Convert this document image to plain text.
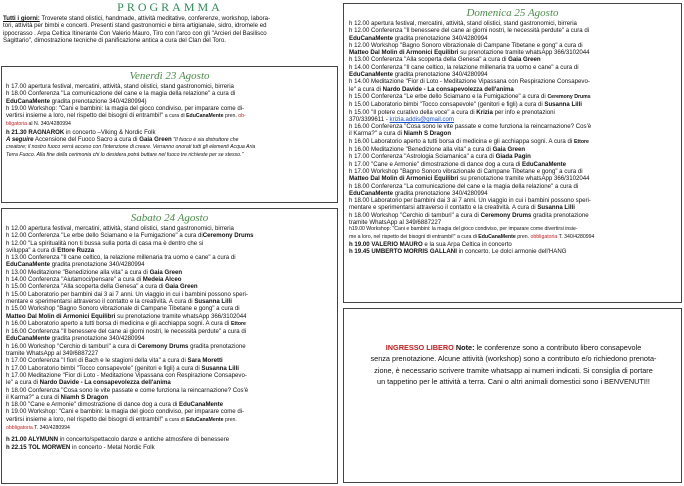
PROGRAMMA
Tutti i giorni: Troverete stand olistici, handmade, attività meditative, conferenze, workshop, labora-
tori, attività per bimbi e concerti. Presenti stand gastronomici e birra artigianale, sidro, idromele ed
ippocrasso . Arpa Celtica Itinerante Con Valerio Mauro, Tiro con l'arco con gli "Arcieri del Basilisco
Sagittario", dimostrazione tecniche di panificazione antica a cura del Clan del Toro.
Venerdì 23 Agosto
h 17.00 apertura festival, mercatini, attività, stand olistici, stand gastronomici, birreria
h 18.00 Conferenza "La comunicazione del cane e la magia della relazione" a cura di
EduCanaMente gradita prenotazione 340/4280994)
h 19.00 Workshop: "Cani e bambini: la magia del gioco condiviso, per imparare come di-
vertirsi insieme a loro, nel rispetto dei bisogni di entrambi!" a cura di EduCanaMente pren. ob-
bligatoria al N. 340/4280994
h 21.30 RAGNAROK in concerto –Viking & Nordic Folk
A seguire Accensione del Fuoco Sacro a cura di Gaia Green "Il fuoco è sia distruttore che
creatore; il nostro fuoco verrà acceso con l'intenzione di creare. Verranno onorati tutti gli elementi Acqua Aria
Terra Fuoco. Alla fine della cerimonia chi lo desidera potrà buttare nel fuoco tre richieste per se stesso."
Sabato 24 Agosto
h 12.00 apertura festival, mercatini, attività, stand olistici, stand gastronomici, birreria
h 12.00 Conferenza "Le erbe dello Sciamano e la Fumigazione" a cura diCeremony Drums
h 12.00 "La spiritualità non ti bussa sulla porta di casa ma è dentro che si
sviluppa" a cura di Ettore Ruzza
h 13.00 Conferenza "Il cane celtico, la relazione millenaria tra uomo e cane" a cura di
EduCanaMente gradita prenotazione 340/4280994
h 13.00 Meditazione "Benedizione alla vita" a cura di Gaia Green
h 14.00 Conferenza "Aiutamoci/pensare" a cura di Medeia Alceo
h 15.00 Conferenza "Alla scoperta della Genesa" a cura di Gaia Green
h 15.00 Laboratorio per bambini dai 3 ai 7 anni. Un viaggio in cui i bambini possono speri-
mentare e sperimentarsi attraverso il contatto e la creatività. A cura di Susanna Lilli
h 15.00 Workshop "Bagno Sonoro vibrazionale di Campane Tibetane e gong" a cura di
Matteo Dal Molin di Armonici Equilibri su prenotazione tramite whatsApp 366/3102044
h 16.00 Laboratorio aperto a tutti borsa di medicina e gli acchiappa sogni. A cura di Ettore
h 16.00 Conferenza "Il benessere del cane ai giorni nostri, le necessità perdute" a cura di
EduCanaMente gradita prenotazione 340/4280994
h 16.00 Workshop "Cerchio di tamburi" a cura di Ceremony Drums gradita prenotazione
tramite WhatsApp al 349/6887227
h 17.00 Conferenza "I fiori di Bach e le stagioni della vita" a cura di Sara Moretti
h 17.00 Laboratorio bimbi "Tocco consapevole" (genitori e figli) a cura di Susanna Lilli
h 17.00 Meditazione "Fior di Loto - Meditazione Vipassana con Respirazione Consapevo-
le" a cura di Nardo Davide - La consapevolezza dell'anima
h 18.00 Conferenza "Cosa sono le vite passate e come funziona la reincarnazione? Cos'è
il Karma?" a cura di Niamh S Dragon
h 18.00 "Cane e Armonie" dimostrazione di dance dog a cura di EduCanaMente
h 19.00 Workshop: "Cani e bambini: la magia del gioco condiviso, per imparare come di-
vertirsi insieme a loro, nel rispetto dei bisogni di entrambi!" a cura di EduCanaMente pren.
obbligatoria T. 340/4280994
h 21.00 ALYMUNN in concerto/spettacolo danze e antiche atmosfere di benessere
h 22.15 TOL MORWEN in concerto - Metal Nordic Folk
Domenica 25 Agosto
h 12.00 apertura festival, mercatini, attività, stand olistici, stand gastronomici, birreria
h 12.00 Conferenza "Il benessere del cane ai giorni nostri, le necessità perdute" a cura di
EduCanaMente gradita prenotazione 340/4280994
h 12.00 Workshop "Bagno Sonoro vibrazionale di Campane Tibetane e gong" a cura di
Matteo Dal Molin di Armonici Equilibri su prenotazione tramite whatsApp 366/3102044
h 13.00 Conferenza "Alla scoperta della Genesa" a cura di Gaia Green
h 14.00 Conferenza "Il cane celtico, la relazione millenaria tra uomo e cane" a cura di
EduCanaMente gradita prenotazione 340/4280994
h 14.00 Meditazione "Fior di Loto - Meditazione Vipassana con Respirazione Consapevo-
le" a cura di Nardo Davide - La consapevolezza dell'anima
h 15.00 Conferenza "Le erbe dello Sciamano e la Fumigazione" a cura di Ceremony Drums
h 15.00 Laboratorio bimbi "Tocco consapevole" (genitori e figli) a cura di Susanna Lilli
h 15.00 "Il potere curativo della voce" a cura di Krizia per info e prenotazioni
370/3399611 - krizia.addis@gmail.com
h 16.00 Conferenza "Cosa sono le vite passate e come funziona la reincarnazione? Cos'è
il Karma?" a cura di Niamh S Dragon
h 16.00 Laboratorio aperto a tutti borsa di medicina e gli acchiappa sogni. A cura di Ettore
h 16.00 Meditazione "Benedizione alla vita" a cura di Gaia Green
h 17.00 Conferenza "Astrologia Sciamanica" a cura di Giada Pagin
h 17.00 "Cane e Armonie" dimostrazione di dance dog a cura di EduCanaMente
h 17.00 Workshop "Bagno Sonoro vibrazionale di Campane Tibetane e gong" a cura di
Matteo Dal Molin di Armonici Equilibri su prenotazione tramite whatsApp 366/3102044
h 18.00 Conferenza "La comunicazione del cane e la magia della relazione" a cura di
EduCanaMente gradita prenotazione 340/4280994
h 18.00 Laboratorio per bambini dai 3 ai 7 anni. Un viaggio in cui i bambini possono speri-
mentare e sperimentarsi attraverso il contatto e la creatività. A cura di Susanna Lilli
h 18.00 Workshop "Cerchio di tamburi" a cura di Ceremony Drums gradita prenotazione
tramite WhatsApp al 349/6887227
h19.00 Workshop: "Cani e bambini: la magia del gioco condiviso, per imparare come divertirsi insie-
me a loro, nel rispetto dei bisogni di entrambi!" a cura di EduCanaMente pren. obbligatoria T. 340/4280994
h 19.00 VALERIO MAURO e la sua Arpa Celtica in concerto
h 19.45 UMBERTO MORRIS GALLANI in concerto. Le dolci armonie dell'HANG
INGRESSO LIBERO Note: le conferenze sono a contributo libero consapevole
senza prenotazione. Alcune attività (workshop) sono a contributo e/o richiedono prenota-
zione, è necessario scrivere tramite whatsapp ai numeri indicati. Si consiglia di portare
un tappetino per le attività a terra. Cani o altri animali domestici sono i BENVENUTI!!
